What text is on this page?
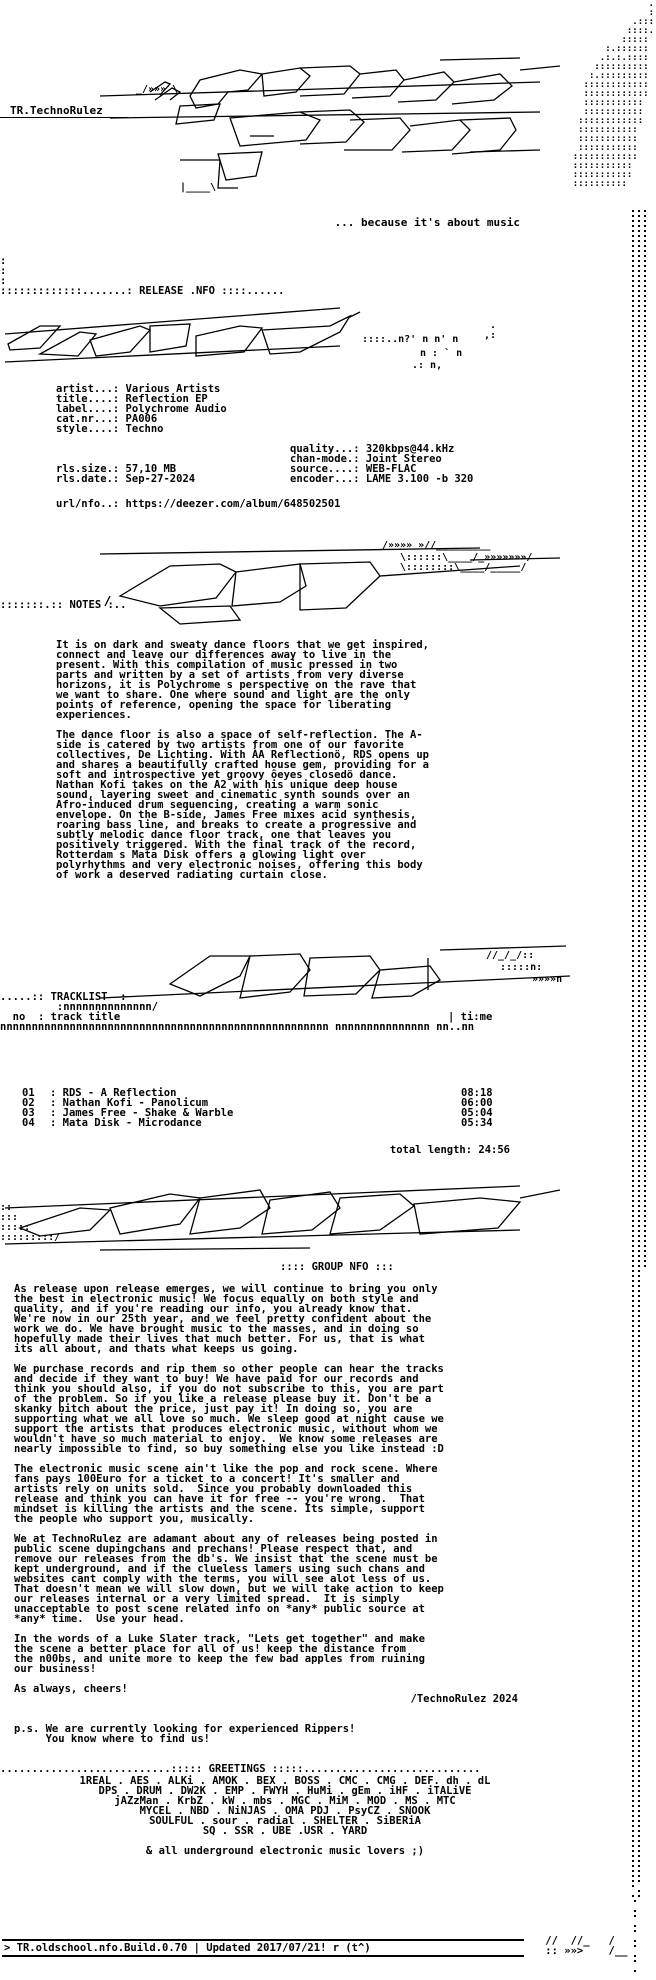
.
:
.:::
::::.
:::::
:.::::::
.:.:.::::
::::::::::
:.:::::::::
::::::::::::
::::::::::::
:::::::::::
:::::::::::
::::::::::::
:::::::::::
:::::::::::
:::::::::::
::::::::::::
:::::::::::
:::::::::::
::::::::::
_/»»» \
|____\
TR.TechnoRulez
... because it's about music
:
:
:
:::::::::::::.......: RELEASE .NFO ::::......
::::..n?' n n' n
n : ` n
.: n,
.
,:
artist...: Various Artists
title....: Reflection EP
label....: Polychrome Audio
cat.nr...: PA006
style....: Techno
quality...: 320kbps@44.kHz
chan-mode.: Joint Stereo
source....: WEB-FLAC
encoder...: LAME 3.100 -b 320
rls.size.: 57,10 MB
rls.date.: Sep-27-2024
url/nfo..: https://deezer.com/album/648502501
/»»»» »//_________
\::::::\____/_»»»»»»»/
\::::::::\____/_____/
:::::::.:: NOTES :..
It is on dark and sweaty dance floors that we get inspired,
connect and leave our differences away to live in the
present. With this compilation of music pressed in two
parts and written by a set of artists from very diverse
horizons, it is Polychrome s perspective on the rave that
we want to share. One where sound and light are the only
points of reference, opening the space for liberating
experiences.
The dance floor is also a space of self-reflection. The A-
side is catered by two artists from one of our favorite
collectives, De Lichting. With ÀA Reflectionö, RDS opens up
and shares a beautifully crafted house gem, providing for a
soft and introspective yet groovy ôeyes closedö dance.
Nathan Kofi takes on the A2 with his unique deep house
sound, layering sweet and cinematic synth sounds over an
Afro-induced drum sequencing, creating a warm sonic
envelope. On the B-side, James Free mixes acid synthesis,
roaring bass line, and breaks to create a progressive and
subtly melodic dance floor track, one that leaves you
positively triggered. With the final track of the record,
Rotterdam s Mata Disk offers a glowing light over
polyrhythms and very electronic noises, offering this body
of work a deserved radiating curtain close.
//_/_/::
:::::n:
»»»»n
.....:: TRACKLIST  :
:nnnnnnnnnnnnnn/
no  : track title	| ti:me
nnnnnnnnnnnnnnnnnnnnnnnnnnnnnnnnnnnnnnnnnnnnnnnnnnnn nnnnnnnnnnnnnnn nn..nn
01 : RDS - A Reflection	08:18
02 : Nathan Kofi - Panolicum	06:00
03 : James Free - Shake & Warble	05:04
04 : Mata Disk - Microdance	05:34
total length: 24:56
::
:::
:::::
:::::::::/
:::: GROUP NFO :::
As release upon release emerges, we will continue to bring you only
the best in electronic music! We focus equally on both style and
quality, and if you're reading our info, you already know that.
We're now in our 25th year, and we feel pretty confident about the
work we do. We have brought music to the masses, and in doing so
hopefully made their lives that much better. For us, that is what
its all about, and thats what keeps us going.
We purchase records and rip them so other people can hear the tracks
and decide if they want to buy! We have paid for our records and
think you should also, if you do not subscribe to this, you are part
of the problem. So if you like a release please buy it. Don't be a
skanky bitch about the price, just pay it! In doing so, you are
supporting what we all love so much. We sleep good at night cause we
support the artists that produces electronic music, without whom we
wouldn't have so much material to enjoy.  We know some releases are
nearly impossible to find, so buy something else you like instead :D
The electronic music scene ain't like the pop and rock scene. Where
fans pays 100Euro for a ticket to a concert! It's smaller and
artists rely on units sold.  Since you probably downloaded this
release and think you can have it for free -- you're wrong.  That
mindset is killing the artists and the scene. Its simple, support
the people who support you, musically.
We at TechnoRulez are adamant about any of releases being posted in
public scene dupingchans and prechans! Please respect that, and
remove our releases from the db's. We insist that the scene must be
kept underground, and if the clueless lamers using such chans and
websites cant comply with the terms, you will see alot less of us.
That doesn't mean we will slow down, but we will take action to keep
our releases internal or a very limited spread.  It is simply
unacceptable to post scene related info on *any* public source at
*any* time.  Use your head.
In the words of a Luke Slater track, "Lets get together" and make
the scene a better place for all of us! keep the distance from
the n00bs, and unite more to keep the few bad apples from ruining
our business!
As always, cheers!
/TechnoRulez 2024
p.s. We are currently looking for experienced Rippers!
You know where to find us!
...........................::::: GREETINGS :::::............................
1REAL . AES . ALKi . AMOK . BEX . BOSS . CMC . CMG . DEF. dh . dL
DPS . DRUM . DW2K . EMP . FWYH . HuMi . gEm . iHF . iTALiVE
jAZzMan . KrbZ . kW . mbs . MGC . MiM . MOD . MS . MTC
MYCEL . NBD . NiNJAS . OMA PDJ . PsyCZ . SNOOK
SOULFUL . sour . radial . SHELTER . SiBERiA
SQ . SSR . UBE .USR . YARD

& all underground electronic music lovers ;)
> TR.oldschool.nfo.Build.0.70 | Updated 2017/07/21! r (t^)
//  //_   /
:: »»>    /__
